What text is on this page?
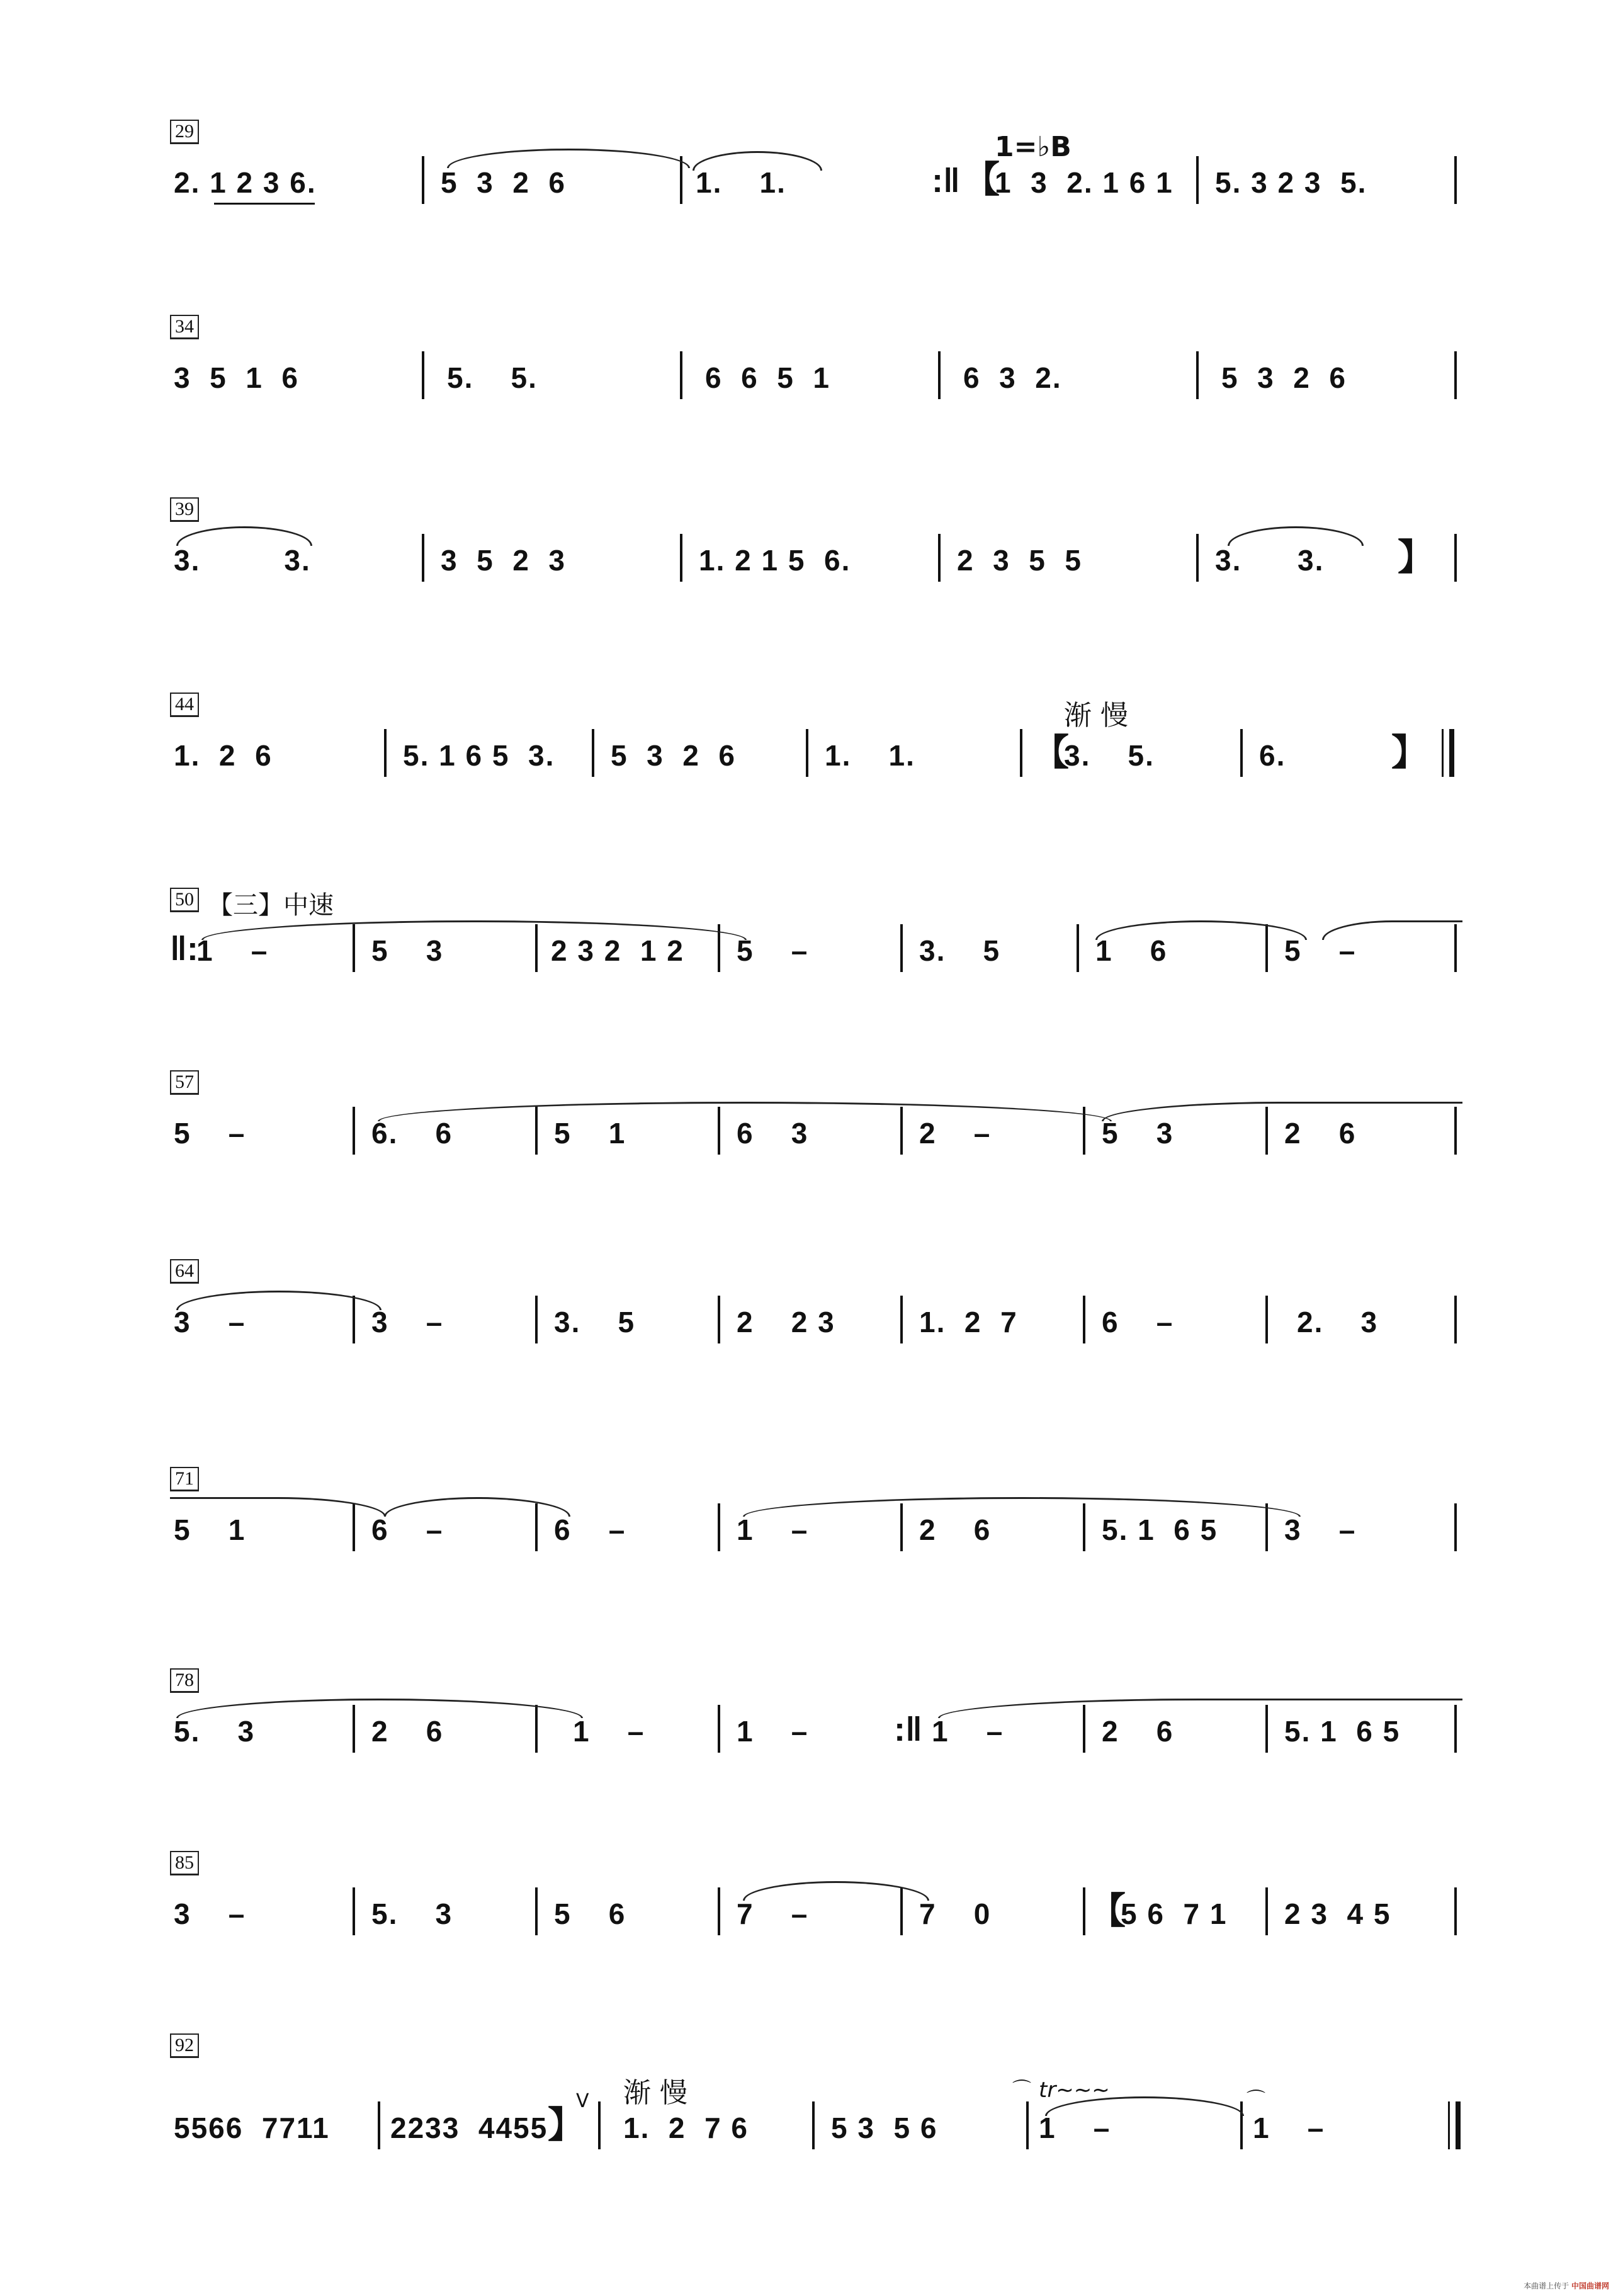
29	1=♭B
2. 1 2 3 6.	5  3  2  6	1.    1.	:‖ 【
1  3  2. 1 6 1 5. 3 2 3  5.
34
3  5  1  6	5.    5.	6  6  5  1	6  3  2.	5  3  2  6
39
3.         3.	3  5  2  3	1. 2 1 5  6.	2  3  5  5	3.      3. 】
44	渐 慢
1.  2  6	5. 1 6 5  3. 5  3  2  6	1.    1.	【
3.    5.	6.	】
50 【三】中速
‖:
1    –	5    3	2 3 2  1 2 5    –	3.    5	1    6	5    –
57
5    –	6.    6	5    1	6    3	2    –	5    3	2    6
64
3    –	3    –	3.    5	2    2 3	1.  2  7	6    –	2.    3
71
5    1	6    –	6    –	1    –	2    6	5. 1  6 5 3    –
78
5.    3	2    6	1    –	1    –	:‖ 1    –	2    6	5. 1  6 5
85
3    –	5.    3	5    6	7    –	7    0	【
5 6  7 1 2 3  4 5
92
渐 慢
5566  7711 2233  4455 】
V
1.  2  7 6	5 3  5 6
⌒
1    –
tr∼∼∼	⌒
1    –
本曲谱上传于 中国曲谱网
